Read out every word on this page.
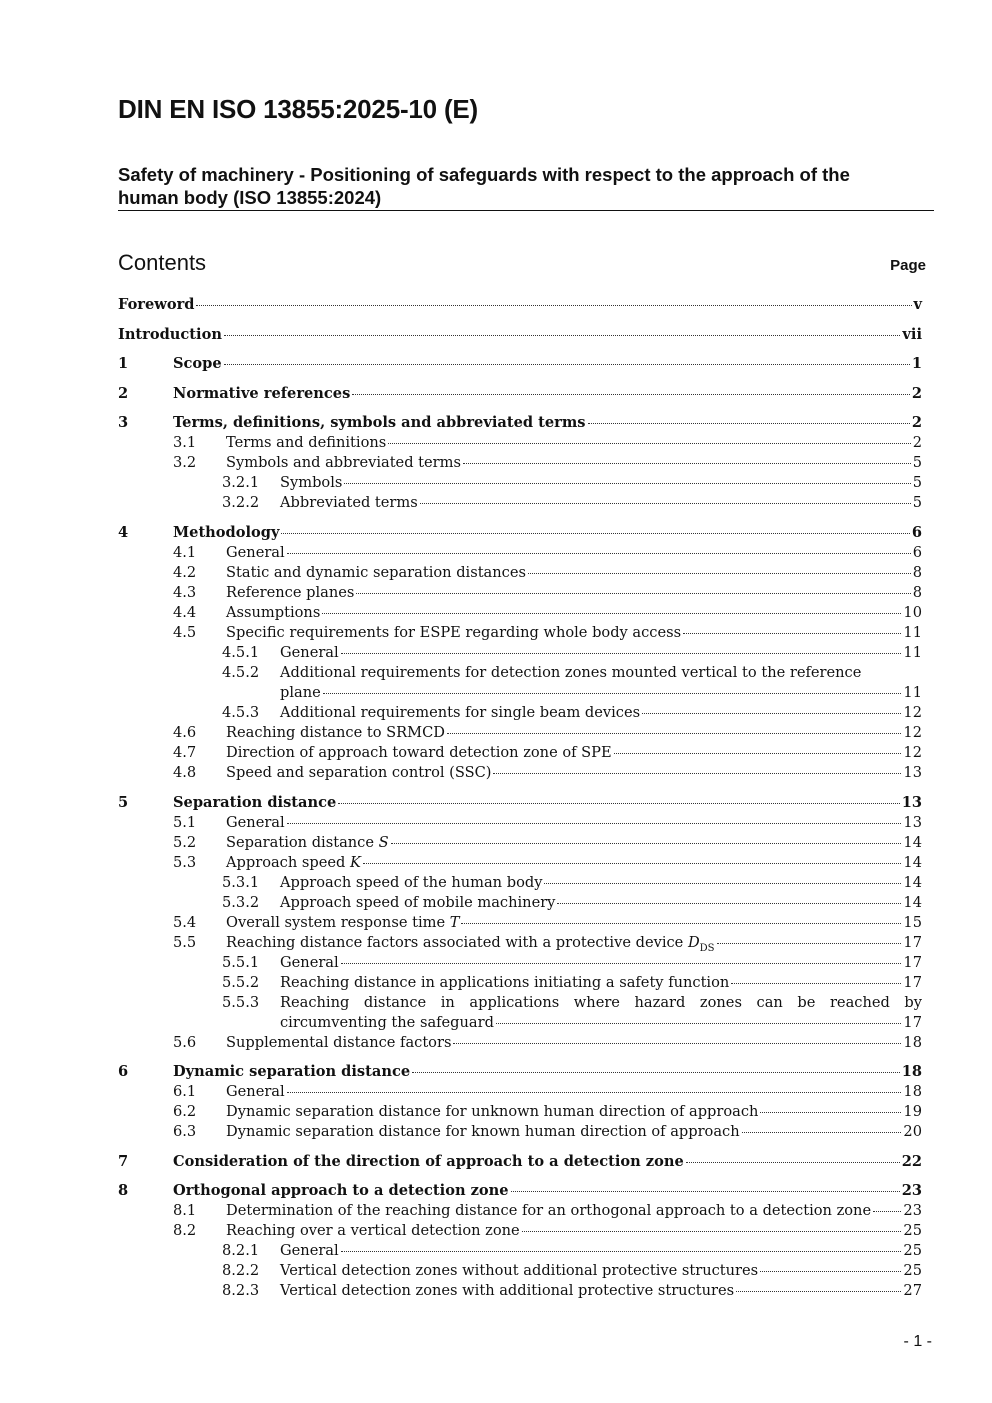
DIN EN ISO 13855:2025-10 (E)
Safety of machinery - Positioning of safeguards with respect to the approach of the
human body (ISO 13855:2024)
Contents	Page
Foreword	v
Introduction	vii
1	Scope	1
2	Normative references	2
3	Terms, definitions, symbols and abbreviated terms	2
3.1	Terms and definitions	2
3.2	Symbols and abbreviated terms	5
3.2.1	Symbols	5
3.2.2	Abbreviated terms	5
4	Methodology	6
4.1	General	6
4.2	Static and dynamic separation distances	8
4.3	Reference planes	8
4.4	Assumptions	10
4.5	Specific requirements for ESPE regarding whole body access	11
4.5.1	General	11
4.5.2	Additional requirements for detection zones mounted vertical to the reference
plane	11
4.5.3	Additional requirements for single beam devices	12
4.6	Reaching distance to SRMCD	12
4.7	Direction of approach toward detection zone of SPE	12
4.8	Speed and separation control (SSC)	13
5	Separation distance	13
5.1	General	13
5.2	Separation distance S	14
5.3	Approach speed K	14
5.3.1	Approach speed of the human body	14
5.3.2	Approach speed of mobile machinery	14
5.4	Overall system response time T	15
5.5	Reaching distance factors associated with a protective device $D_{DS}$	17
5.5.1	General	17
5.5.2	Reaching distance in applications initiating a safety function	17
5.5.3	Reaching distance in applications where hazard zones can be reached by
circumventing the safeguard	17
5.6	Supplemental distance factors	18
6	Dynamic separation distance	18
6.1	General	18
6.2	Dynamic separation distance for unknown human direction of approach	19
6.3	Dynamic separation distance for known human direction of approach	20
7	Consideration of the direction of approach to a detection zone	22
8	Orthogonal approach to a detection zone	23
8.1	Determination of the reaching distance for an orthogonal approach to a detection zone 23
8.2	Reaching over a vertical detection zone	25
8.2.1	General	25
8.2.2	Vertical detection zones without additional protective structures	25
8.2.3	Vertical detection zones with additional protective structures	27
- 1 -
